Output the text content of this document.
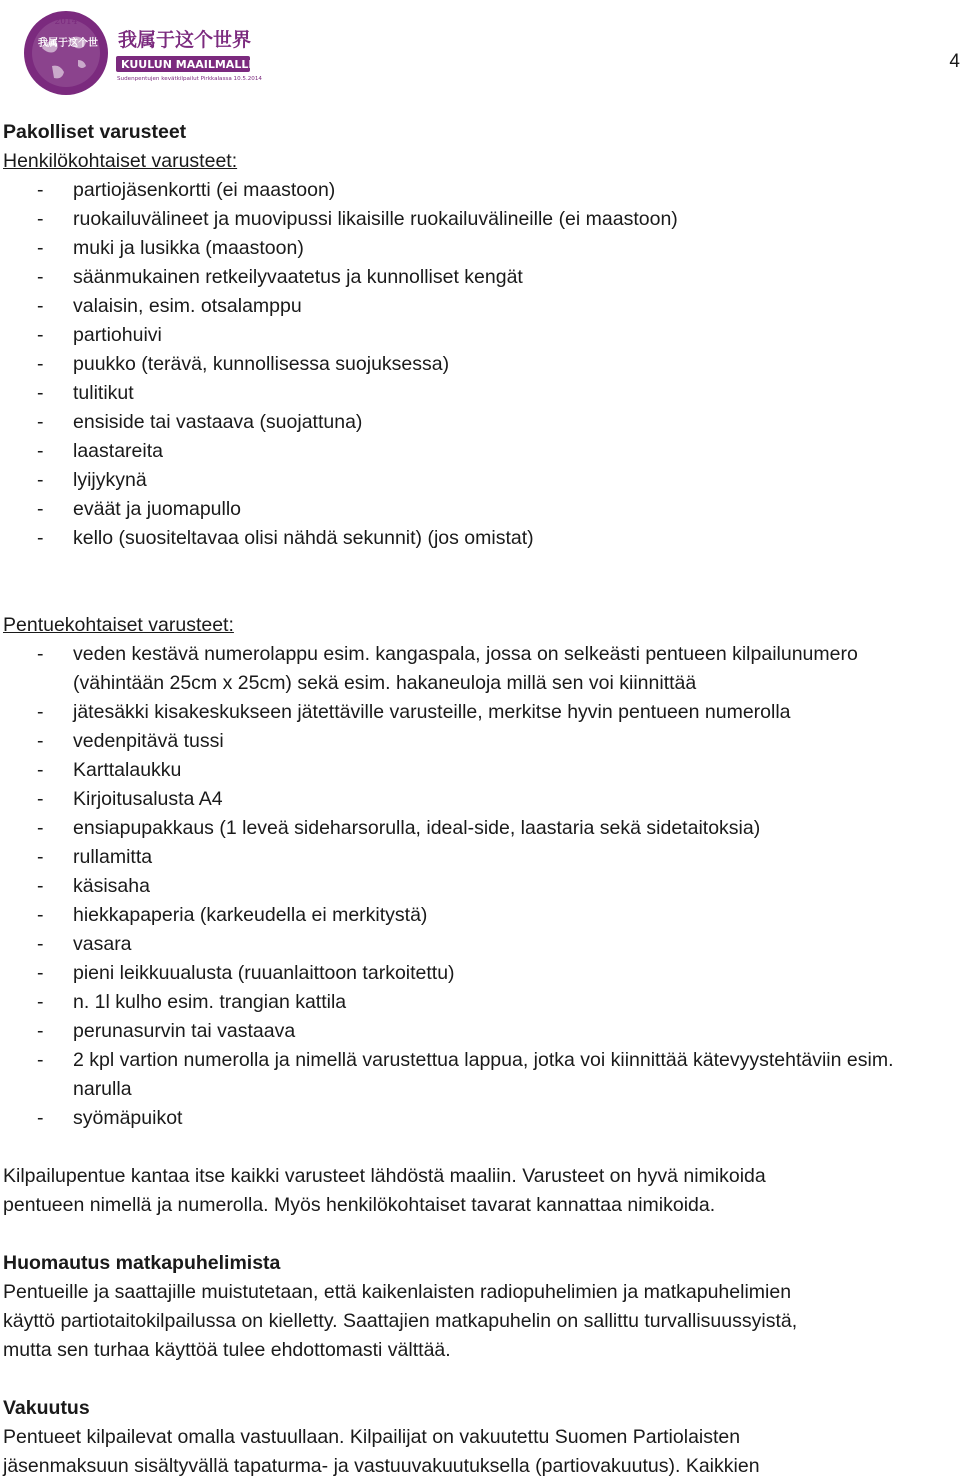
2014
我属于这个世 我属于这个世界
KUULUN MAAILMALLE!
Sudenpentujen kevätkilpailut Pirkkalassa 10.5.2014
4
Pakolliset varusteet
Henkilökohtaiset varusteet:
- partiojäsenkortti (ei maastoon)
- ruokailuvälineet ja muovipussi likaisille ruokailuvälineille (ei maastoon)
- muki ja lusikka (maastoon)
- säänmukainen retkeilyvaatetus ja kunnolliset kengät
- valaisin, esim. otsalamppu
- partiohuivi
- puukko (terävä, kunnollisessa suojuksessa)
- tulitikut
- ensiside tai vastaava (suojattuna)
- laastareita
- lyijykynä
- eväät ja juomapullo
- kello (suositeltavaa olisi nähdä sekunnit) (jos omistat)
Pentuekohtaiset varusteet:
- veden kestävä numerolappu esim. kangaspala, jossa on selkeästi pentueen kilpailunumero (vähintään 25cm x 25cm) sekä esim. hakaneuloja millä sen voi kiinnittää
- jätesäkki kisakeskukseen jätettäville varusteille, merkitse hyvin pentueen numerolla
- vedenpitävä tussi
- Karttalaukku
- Kirjoitusalusta A4
- ensiapupakkaus (1 leveä sideharsorulla, ideal-side, laastaria sekä sidetaitoksia)
- rullamitta
- käsisaha
- hiekkapaperia (karkeudella ei merkitystä)
- vasara
- pieni leikkuualusta (ruuanlaittoon tarkoitettu)
- n. 1l kulho esim. trangian kattila
- perunasurvin tai vastaava
- 2 kpl vartion numerolla ja nimellä varustettua lappua, jotka voi kiinnittää kätevyystehtäviin esim. narulla
- syömäpuikot

Kilpailupentue kantaa itse kaikki varusteet lähdöstä maaliin. Varusteet on hyvä nimikoida

pentueen nimellä ja numerolla. Myös henkilökohtaiset tavarat kannattaa nimikoida.

Huomautus matkapuhelimista

Pentueille ja saattajille muistutetaan, että kaikenlaisten radiopuhelimien ja matkapuhelimien

käyttö partiotaitokilpailussa on kielletty. Saattajien matkapuhelin on sallittu turvallisuussyistä,

mutta sen turhaa käyttöä tulee ehdottomasti välttää.

Vakuutus

Pentueet kilpailevat omalla vastuullaan. Kilpailijat on vakuutettu Suomen Partiolaisten

jäsenmaksuun sisältyvällä tapaturma- ja vastuuvakuutuksella (partiovakuutus). Kaikkien
